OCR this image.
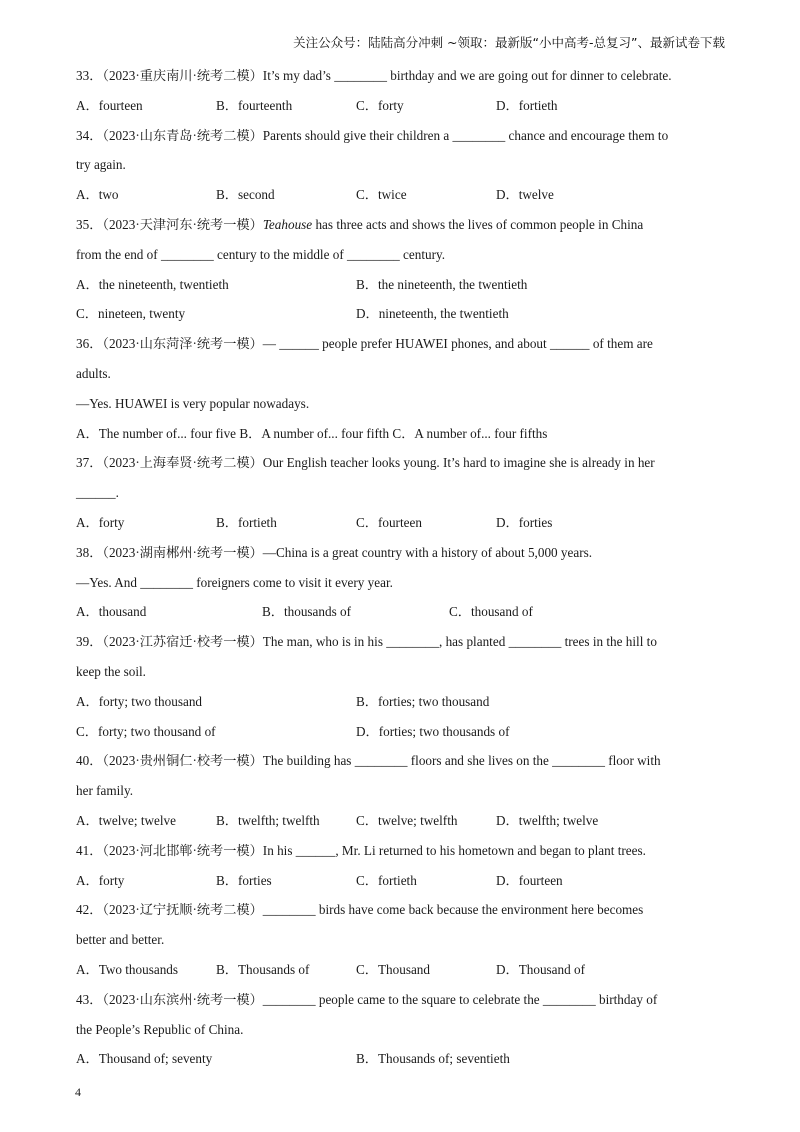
关注公众号：陆陆高分冲刺 ~领取：最新版“小中高考-总复习”、最新试卷下载
33．（2023·重庆南川·统考二模）It’s my dad’s ________ birthday and we are going out for dinner to celebrate.
A．fourteen	B．fourteenth	C．forty	D．fortieth
34．（2023·山东青岛·统考二模）Parents should give their children a ________ chance and encourage them to
try again.
A．two	B．second	C．twice	D．twelve
35．（2023·天津河东·统考一模）Teahouse has three acts and shows the lives of common people in China
from the end of ________ century to the middle of ________ century.
A．the nineteenth, twentieth	B．the nineteenth, the twentieth
C．nineteen, twenty	D．nineteenth, the twentieth
36．（2023·山东菏泽·统考一模）— ______ people prefer HUAWEI phones, and about ______ of them are
adults.
—Yes. HUAWEI is very popular nowadays.
A．The number of... four five B．A number of... four fifth C．A number of... four fifths
37．（2023·上海奉贤·统考二模）Our English teacher looks young. It’s hard to imagine she is already in her
______.
A．forty	B．fortieth	C．fourteen	D．forties
38．（2023·湖南郴州·统考一模）—China is a great country with a history of about 5,000 years.
—Yes. And ________ foreigners come to visit it every year.
A．thousand	B．thousands of	C．thousand of
39．（2023·江苏宿迁·校考一模）The man, who is in his ________, has planted ________ trees in the hill to
keep the soil.
A．forty; two thousand	B．forties; two thousand
C．forty; two thousand of	D．forties; two thousands of
40．（2023·贵州铜仁·校考一模）The building has ________ floors and she lives on the ________ floor with
her family.
A．twelve; twelve	B．twelfth; twelfth	C．twelve; twelfth	D．twelfth; twelve
41．（2023·河北邯郸·统考一模）In his ______, Mr. Li returned to his hometown and began to plant trees.
A．forty	B．forties	C．fortieth	D．fourteen
42．（2023·辽宁抚顺·统考二模）________ birds have come back because the environment here becomes
better and better.
A．Two thousands	B．Thousands of	C．Thousand	D．Thousand of
43．（2023·山东滨州·统考一模）________ people came to the square to celebrate the ________ birthday of
the People’s Republic of China.
A．Thousand of; seventy	B．Thousands of; seventieth
4
